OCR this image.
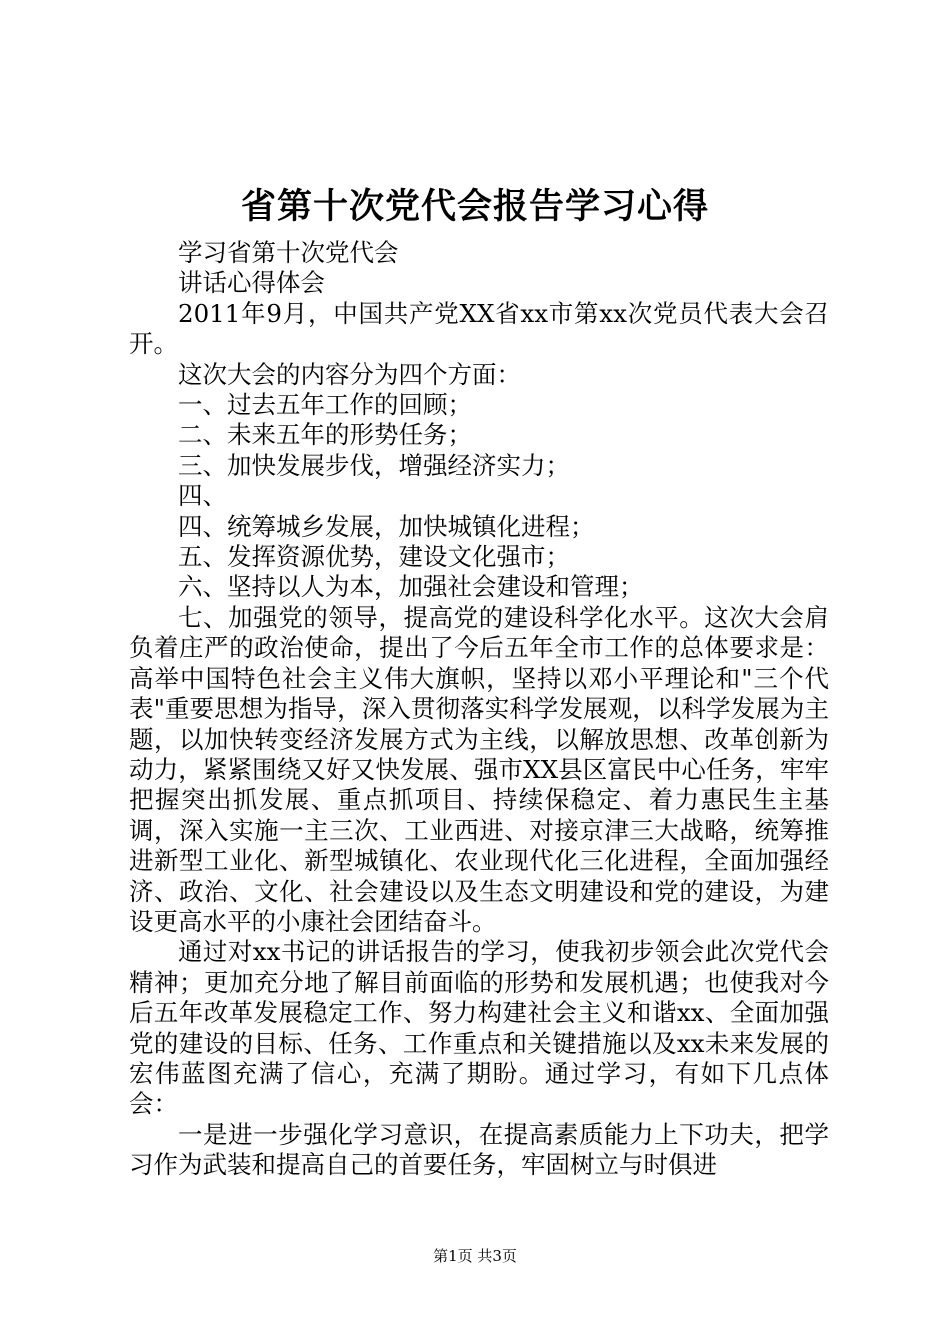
省第十次党代会报告学习心得

学习省第十次党代会

讲话心得体会

2011年9月，中国共产党XX省xx市第xx次党员代表大会召开。

这次大会的内容分为四个方面：

一、过去五年工作的回顾；

二、未来五年的形势任务；

三、加快发展步伐，增强经济实力；

四、

四、统筹城乡发展，加快城镇化进程；

五、发挥资源优势，建设文化强市；

六、坚持以人为本，加强社会建设和管理；

七、加强党的领导，提高党的建设科学化水平。这次大会肩负着庄严的政治使命，提出了今后五年全市工作的总体要求是：高举中国特色社会主义伟大旗帜，坚持以邓小平理论和"三个代表"重要思想为指导，深入贯彻落实科学发展观，以科学发展为主题，以加快转变经济发展方式为主线，以解放思想、改革创新为动力，紧紧围绕又好又快发展、强市XX县区富民中心任务，牢牢把握突出抓发展、重点抓项目、持续保稳定、着力惠民生主基调，深入实施一主三次、工业西进、对接京津三大战略，统筹推进新型工业化、新型城镇化、农业现代化三化进程，全面加强经济、政治、文化、社会建设以及生态文明建设和党的建设，为建设更高水平的小康社会团结奋斗。

通过对xx书记的讲话报告的学习，使我初步领会此次党代会精神；更加充分地了解目前面临的形势和发展机遇；也使我对今后五年改革发展稳定工作、努力构建社会主义和谐xx、全面加强党的建设的目标、任务、工作重点和关键措施以及xx未来发展的宏伟蓝图充满了信心，充满了期盼。通过学习，有如下几点体会：

一是进一步强化学习意识，在提高素质能力上下功夫，把学习作为武装和提高自己的首要任务，牢固树立与时俱进

第1页 共3页
